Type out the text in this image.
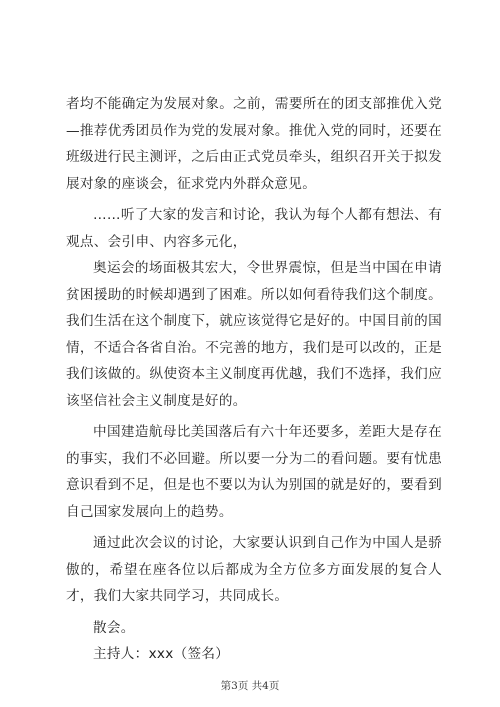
者均不能确定为发展对象。之前，需要所在的团支部推优入党—推荐优秀团员作为党的发展对象。推优入党的同时，还要在班级进行民主测评，之后由正式党员牵头，组织召开关于拟发展对象的座谈会，征求党内外群众意见。

……听了大家的发言和讨论，我认为每个人都有想法、有观点、会引申、内容多元化，

奥运会的场面极其宏大，令世界震惊，但是当中国在申请贫困援助的时候却遇到了困难。所以如何看待我们这个制度。我们生活在这个制度下，就应该觉得它是好的。中国目前的国情，不适合各省自治。不完善的地方，我们是可以改的，正是我们该做的。纵使资本主义制度再优越，我们不选择，我们应该坚信社会主义制度是好的。

中国建造航母比美国落后有六十年还要多，差距大是存在的事实，我们不必回避。所以要一分为二的看问题。要有忧患意识看到不足，但是也不要以为认为别国的就是好的，要看到自己国家发展向上的趋势。

通过此次会议的讨论，大家要认识到自己作为中国人是骄傲的，希望在座各位以后都成为全方位多方面发展的复合人才，我们大家共同学习，共同成长。

散会。

主持人：xxx（签名）

第3页 共4页
